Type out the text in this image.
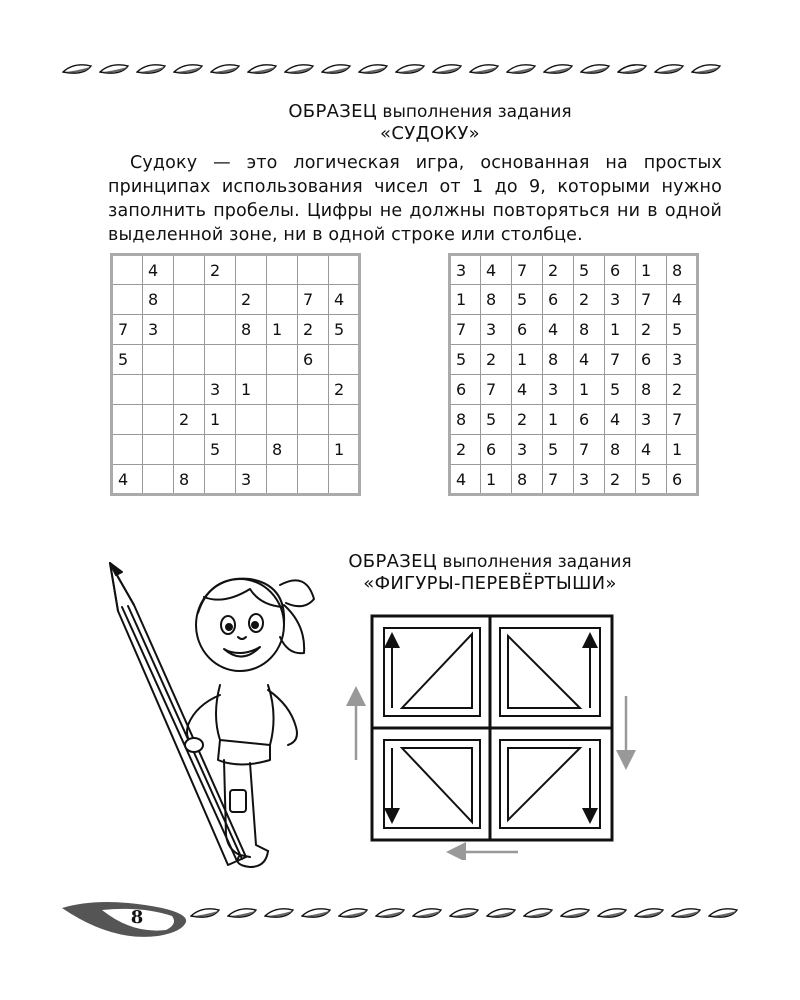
ОБРАЗЕЦ выполнения задания
«СУДОКУ»
Судоку — это логическая игра, основанная на простых принципах использования чисел от 1 до 9, которыми нужно заполнить пробелы. Цифры не должны повторяться ни в одной выделенной зоне, ни в одной строке или столбце.
	4		2				
	8			2		7	4
7	3			8	1	2	5
5						6	
			3	1			2
		2	1				
			5		8		1
4		8		3			
3	4	7	2	5	6	1	8
1	8	5	6	2	3	7	4
7	3	6	4	8	1	2	5
5	2	1	8	4	7	6	3
6	7	4	3	1	5	8	2
8	5	2	1	6	4	3	7
2	6	3	5	7	8	4	1
4	1	8	7	3	2	5	6
ОБРАЗЕЦ выполнения задания
«ФИГУРЫ-ПЕРЕВЁРТЫШИ»
8
